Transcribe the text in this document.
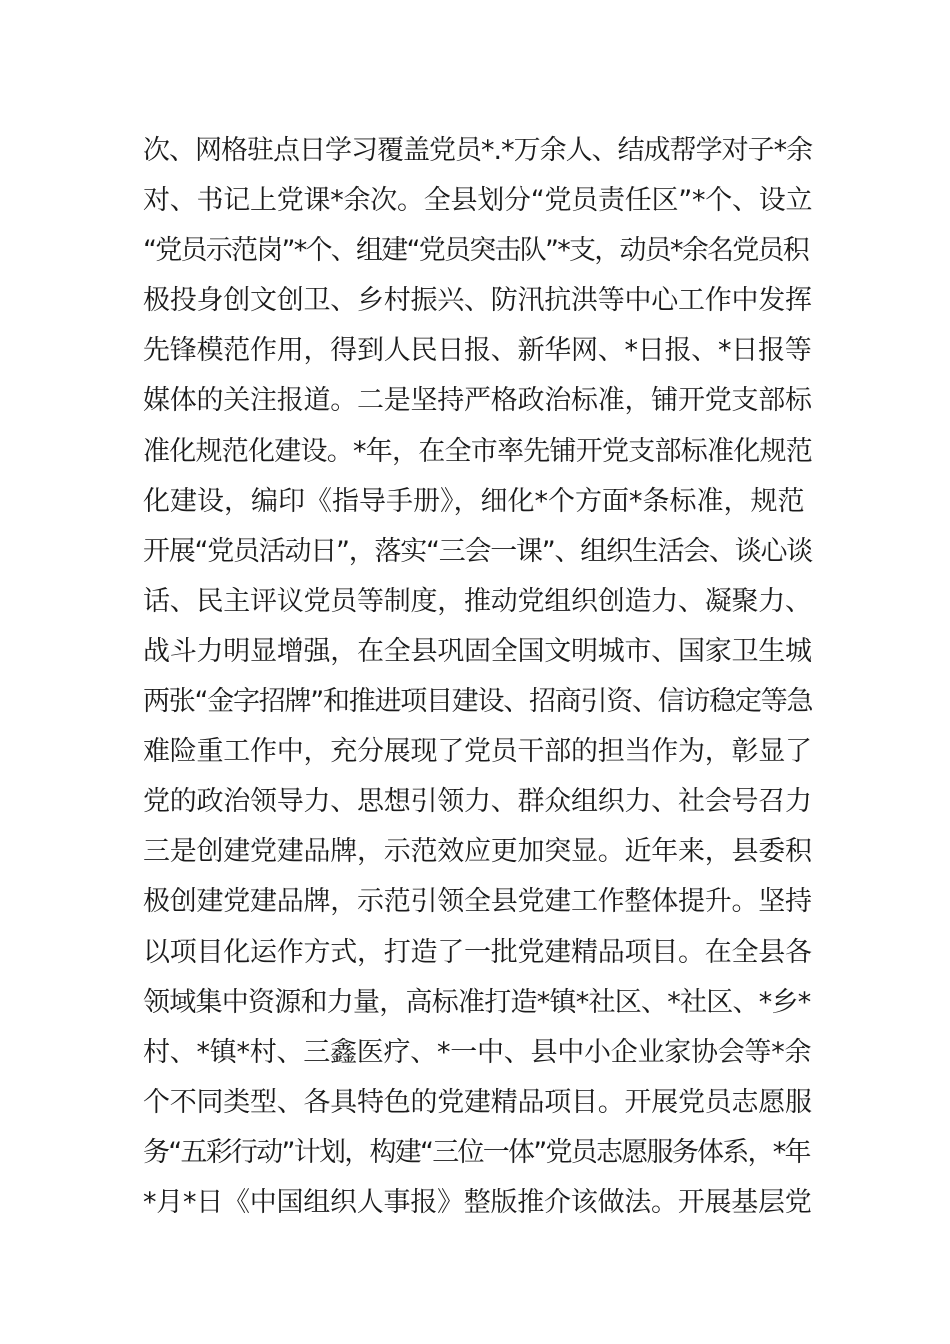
次、网格驻点日学习覆盖党员*.*万余人、结成帮学对子*余
对、书记上党课*余次。全县划分“党员责任区”*个、设立
“党员示范岗”*个、组建“党员突击队”*支，动员*余名党员积
极投身创文创卫、乡村振兴、防汛抗洪等中心工作中发挥
先锋模范作用，得到人民日报、新华网、*日报、*日报等
媒体的关注报道。二是坚持严格政治标准，铺开党支部标
准化规范化建设。*年，在全市率先铺开党支部标准化规范
化建设，编印《指导手册》，细化*个方面*条标准，规范
开展“党员活动日”，落实“三会一课”、组织生活会、谈心谈
话、民主评议党员等制度，推动党组织创造力、凝聚力、
战斗力明显增强，在全县巩固全国文明城市、国家卫生城
两张“金字招牌”和推进项目建设、招商引资、信访稳定等急
难险重工作中，充分展现了党员干部的担当作为，彰显了
党的政治领导力、思想引领力、群众组织力、社会号召力
三是创建党建品牌，示范效应更加突显。近年来，县委积
极创建党建品牌，示范引领全县党建工作整体提升。坚持
以项目化运作方式，打造了一批党建精品项目。在全县各
领域集中资源和力量，高标准打造*镇*社区、*社区、*乡*
村、*镇*村、三鑫医疗、*一中、县中小企业家协会等*余
个不同类型、各具特色的党建精品项目。开展党员志愿服
务“五彩行动”计划，构建“三位一体”党员志愿服务体系，*年
*月*日《中国组织人事报》整版推介该做法。开展基层党
